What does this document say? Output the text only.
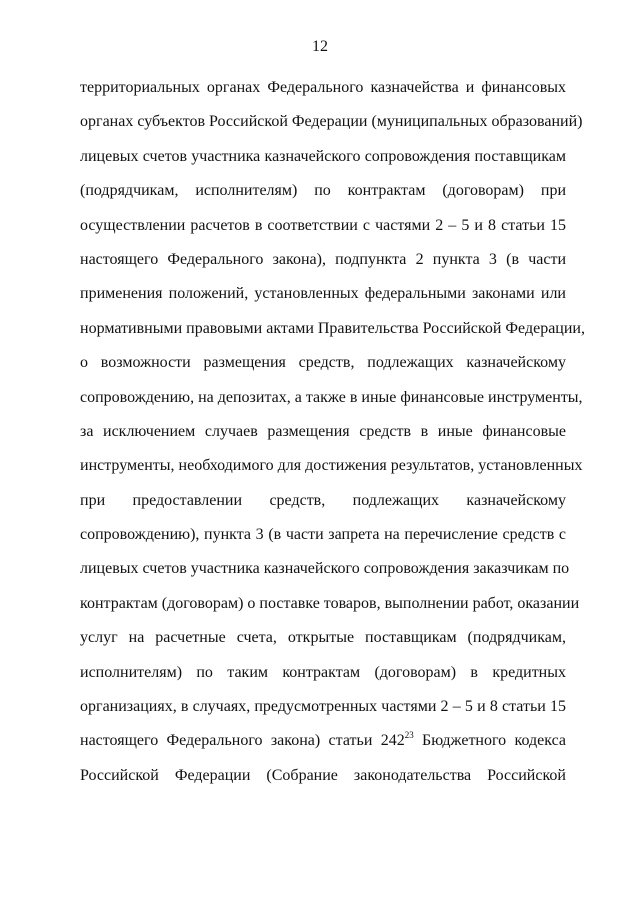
12
территориальных органах Федерального казначейства и финансовых
органах субъектов Российской Федерации (муниципальных образований)
лицевых счетов участника казначейского сопровождения поставщикам
(подрядчикам, исполнителям) по контрактам (договорам) при
осуществлении расчетов в соответствии с частями 2 – 5 и 8 статьи 15
настоящего Федерального закона), подпункта 2 пункта 3 (в части
применения положений, установленных федеральными законами или
нормативными правовыми актами Правительства Российской Федерации,
о возможности размещения средств, подлежащих казначейскому
сопровождению, на депозитах, а также в иные финансовые инструменты,
за исключением случаев размещения средств в иные финансовые
инструменты, необходимого для достижения результатов, установленных
при предоставлении средств, подлежащих казначейскому
сопровождению), пункта 3 (в части запрета на перечисление средств с
лицевых счетов участника казначейского сопровождения заказчикам по
контрактам (договорам) о поставке товаров, выполнении работ, оказании
услуг на расчетные счета, открытые поставщикам (подрядчикам,
исполнителям) по таким контрактам (договорам) в кредитных
организациях, в случаях, предусмотренных частями 2 – 5 и 8 статьи 15
настоящего Федерального закона) статьи 242$^{23}$ Бюджетного кодекса
Российской Федерации (Собрание законодательства Российской
